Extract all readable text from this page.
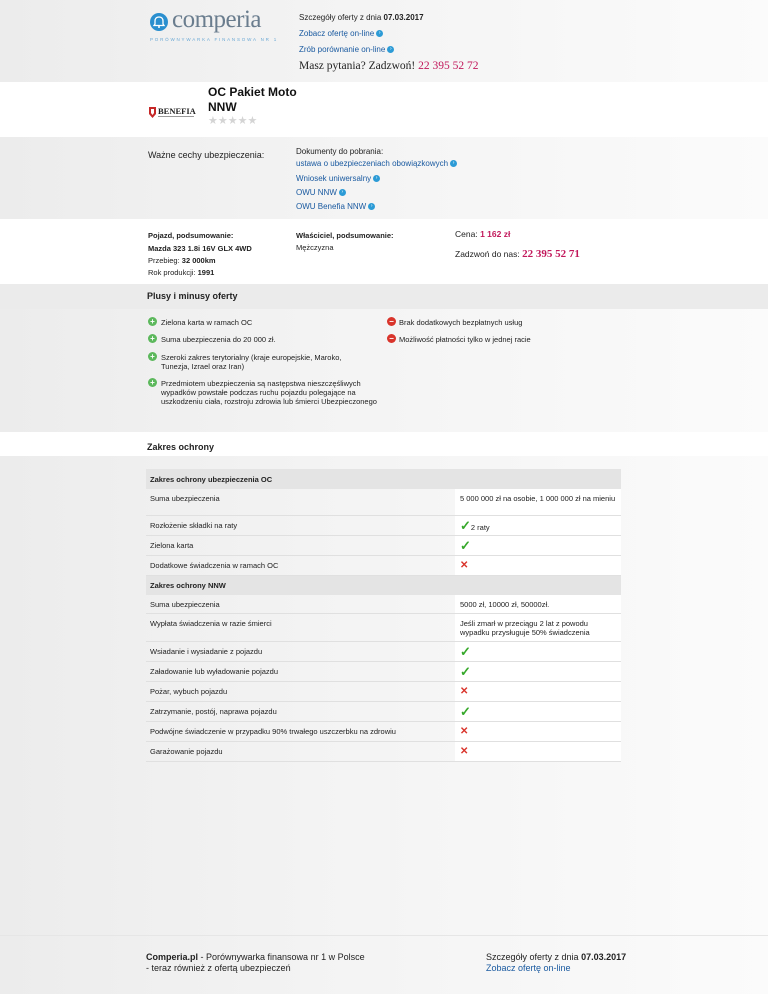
comperia
PORÓWNYWARKA FINANSOWA NR 1
Szczegóły oferty z dnia 07.03.2017
Zobacz ofertę on-line ›
Zrób porównanie on-line ›
Masz pytania? Zadzwoń! 22 395 52 72
BENEFIA
OC Pakiet Moto
NNW
★★★★★
Ważne cechy ubezpieczenia:	Dokumenty do pobrania:
ustawa o ubezpieczeniach obowiązkowych ›
Wniosek uniwersalny ›
OWU NNW ›
OWU Benefia NNW ›
Pojazd, podsumowanie:
Mazda 323 1.8i 16V GLX 4WD
Przebieg: 32 000km
Rok produkcji: 1991
Właściciel, podsumowanie:
Mężczyzna
Cena: 1 162 zł
Zadzwoń do nas: 22 395 52 71
Plusy i minusy oferty
+ Zielona karta w ramach OC
+ Suma ubezpieczenia do 20 000 zł.
+ Szeroki zakres terytorialny (kraje europejskie, Maroko, Tunezja, Izrael oraz Iran)
+ Przedmiotem ubezpieczenia są następstwa nieszczęśliwych wypadków powstałe podczas ruchu pojazdu polegające na uszkodzeniu ciała, rozstroju zdrowia lub śmierci Ubezpieczonego
− Brak dodatkowych bezpłatnych usług
− Możliwość płatności tylko w jednej racie
Zakres ochrony
Zakres ochrony ubezpieczenia OC
Suma ubezpieczenia	5 000 000 zł na osobie, 1 000 000 zł na mieniu
Rozłożenie składki na raty	✓2 raty
Zielona karta	✓
Dodatkowe świadczenia w ramach OC	✕
Zakres ochrony NNW
Suma ubezpieczenia	5000 zł, 10000 zł, 50000zł.
Wypłata świadczenia w razie śmierci	Jeśli zmarł w przeciągu 2 lat z powodu wypadku przysługuje 50% świadczenia
Wsiadanie i wysiadanie z pojazdu	✓
Załadowanie lub wyładowanie pojazdu	✓
Pożar, wybuch pojazdu	✕
Zatrzymanie, postój, naprawa pojazdu	✓
Podwójne świadczenie w przypadku 90% trwałego uszczerbku na zdrowiu	✕
Garażowanie pojazdu	✕
Comperia.pl - Porównywarka finansowa nr 1 w Polsce
- teraz również z ofertą ubezpieczeń
Szczegóły oferty z dnia 07.03.2017
Zobacz ofertę on-line
